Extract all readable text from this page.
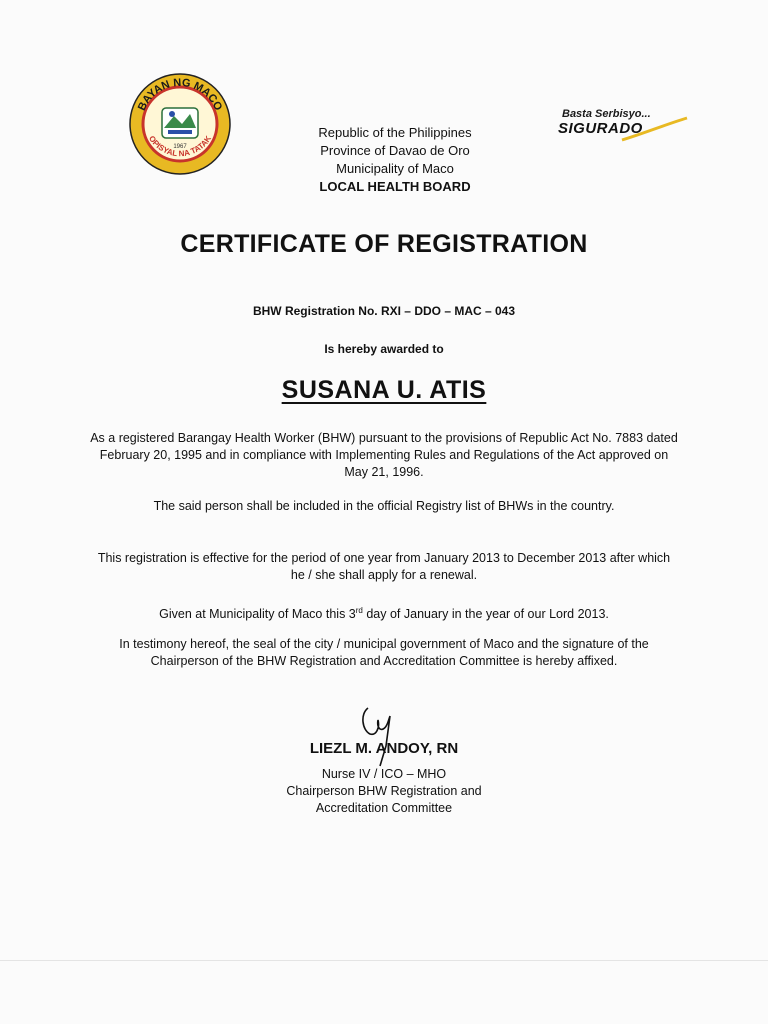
BAYAN NG MACO
OPISYAL NA TATAK
1967
Basta Serbisyo...
SIGURADO
Republic of the Philippines
Province of Davao de Oro
Municipality of Maco
LOCAL HEALTH BOARD
CERTIFICATE OF REGISTRATION
BHW Registration No. RXI – DDO – MAC – 043
Is hereby awarded to
SUSANA U. ATIS
As a registered Barangay Health Worker (BHW) pursuant to the provisions of Republic Act No. 7883 dated February 20, 1995 and in compliance with Implementing Rules and Regulations of the Act approved on May 21, 1996.
The said person shall be included in the official Registry list of BHWs in the country.
This registration is effective for the period of one year from January 2013 to December 2013 after which he / she shall apply for a renewal.
Given at Municipality of Maco this 3rd day of January in the year of our Lord 2013.
In testimony hereof, the seal of the city / municipal government of Maco and the signature of the Chairperson of the BHW Registration and Accreditation Committee is hereby affixed.
LIEZL M. ANDOY, RN
Nurse IV / ICO – MHO
Chairperson BHW Registration and
Accreditation Committee
